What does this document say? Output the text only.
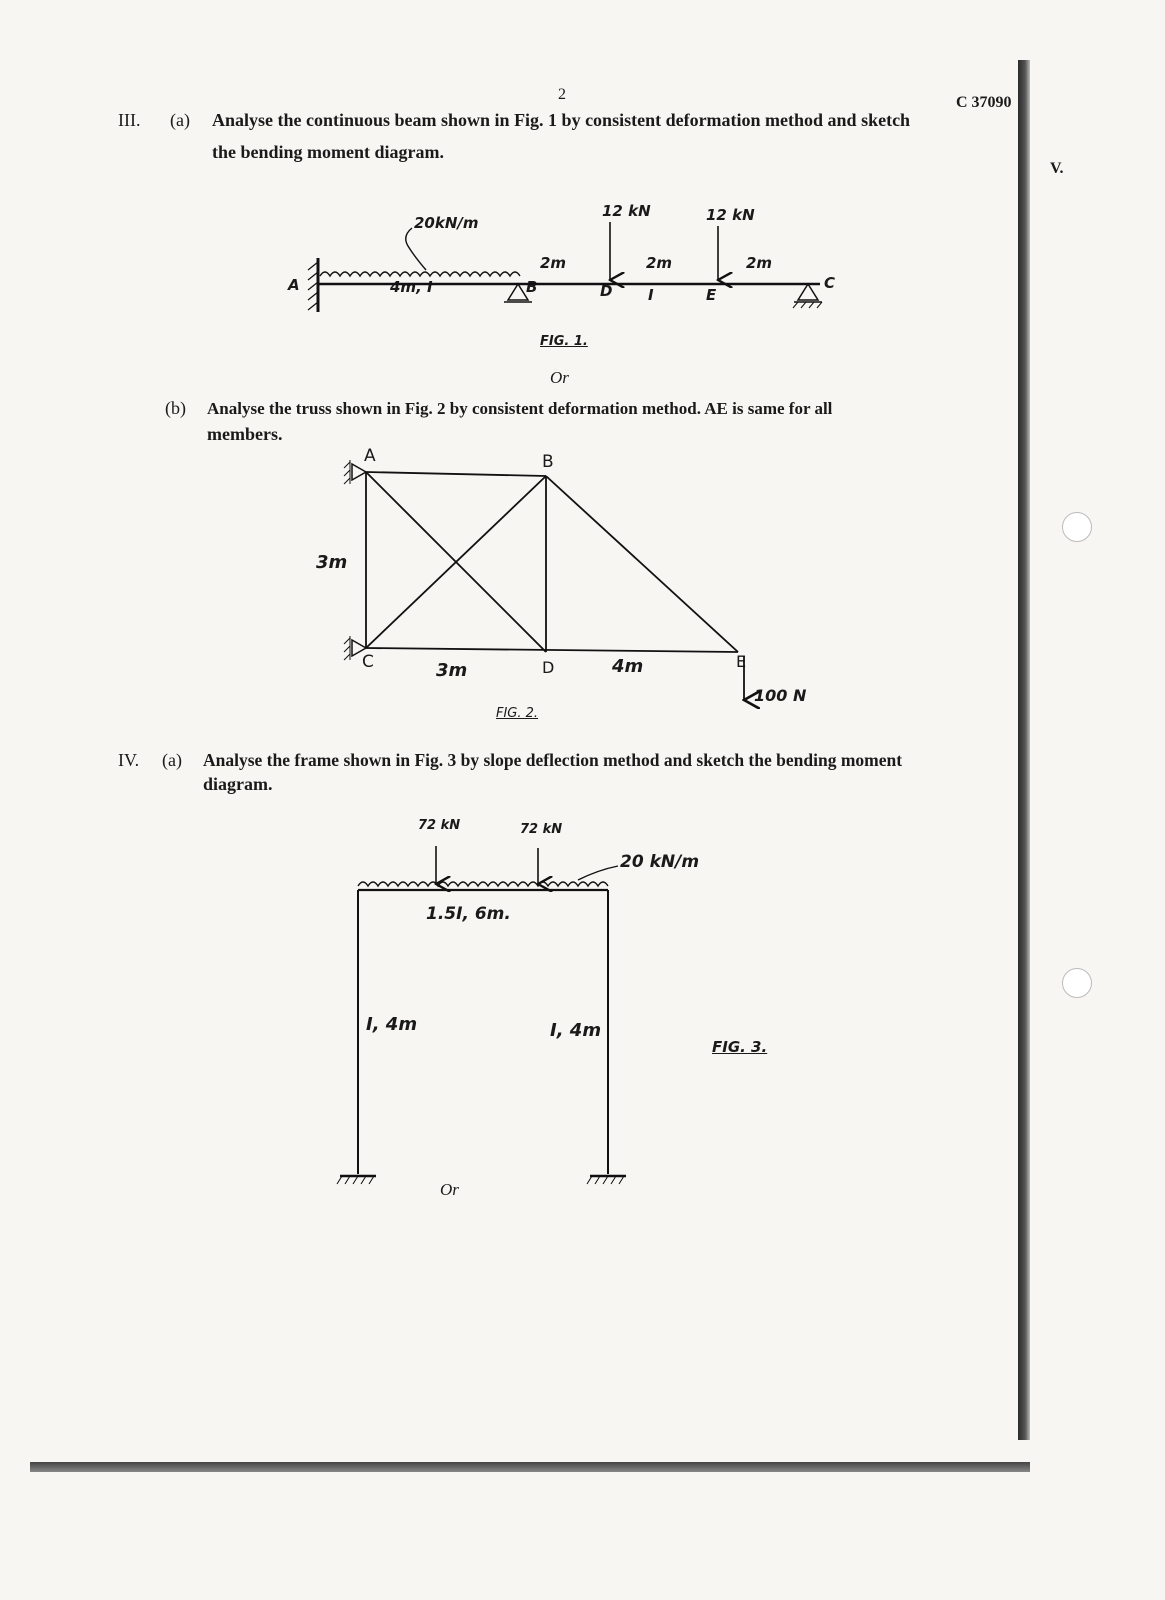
2	C 37090
V.
III. (a) Analyse the continuous beam shown in Fig. 1 by consistent deformation method and sketch
the bending moment diagram.
20kN/m
12 kN	12 kN
4m, I
2m	2m	2m
I
A	B	D	E
C
FIG. 1.
Or
(b) Analyse the truss shown in Fig. 2 by consistent deformation method. AE is same for all
members.
A	B
C	D	E
3m
3m	4m
100 N
FIG. 2.
IV. (a) Analyse the frame shown in Fig. 3 by slope deflection method and sketch the bending moment
diagram.
72 kN	72 kN
20 kN/m
1.5I, 6m.
I, 4m	I, 4m
FIG. 3.
Or
